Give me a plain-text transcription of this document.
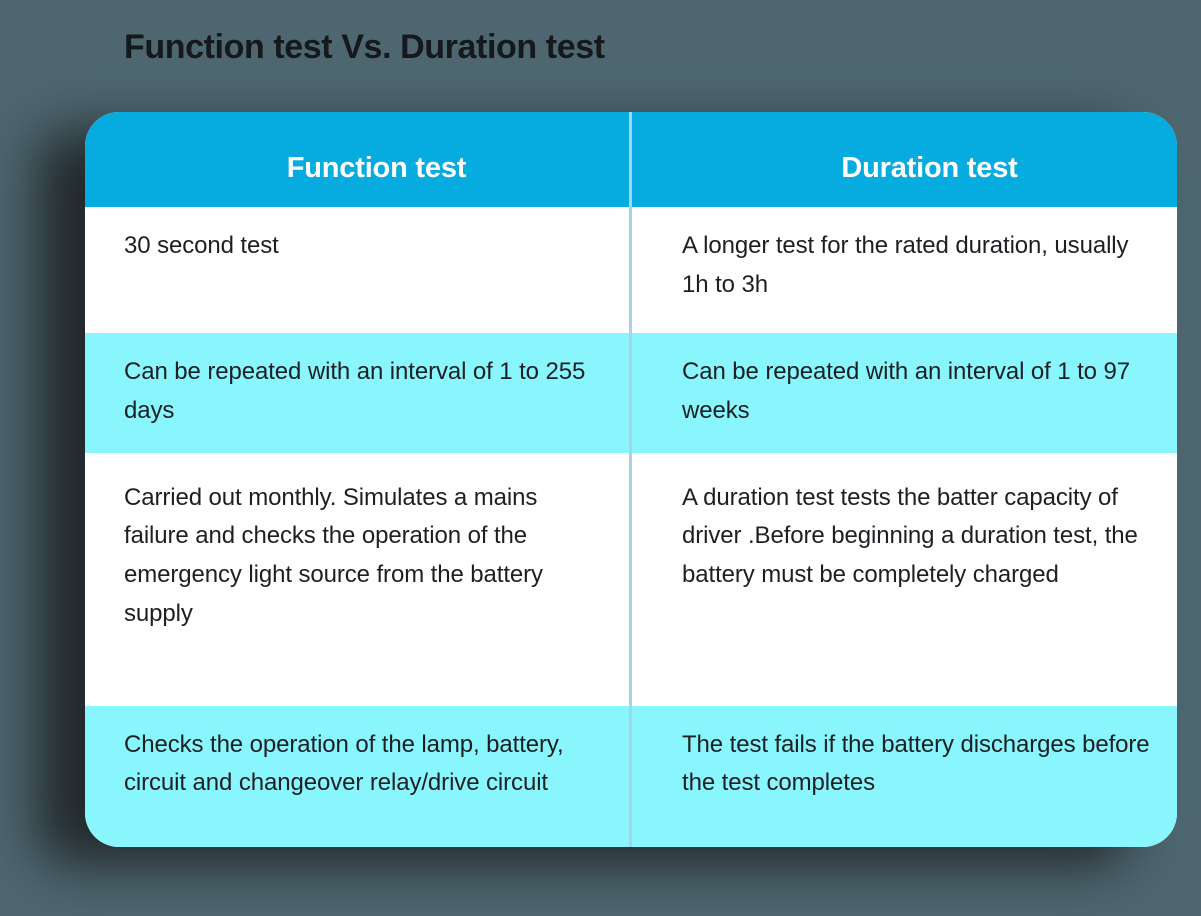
Function test Vs. Duration test
Function test	Duration test

30 second test	A longer test for the rated duration, usually 1h to 3h

Can be repeated with an interval of 1 to 255 days	Can be repeated with an interval of 1 to 97 weeks

Carried out monthly. Simulates a mains failure and checks the operation of the emergency light source from the battery supply	A duration test tests the batter capacity of driver .Before beginning a duration test, the battery must be completely charged

Checks the operation of the lamp, battery, circuit and changeover relay/drive circuit	The test fails if the battery discharges before the test completes
